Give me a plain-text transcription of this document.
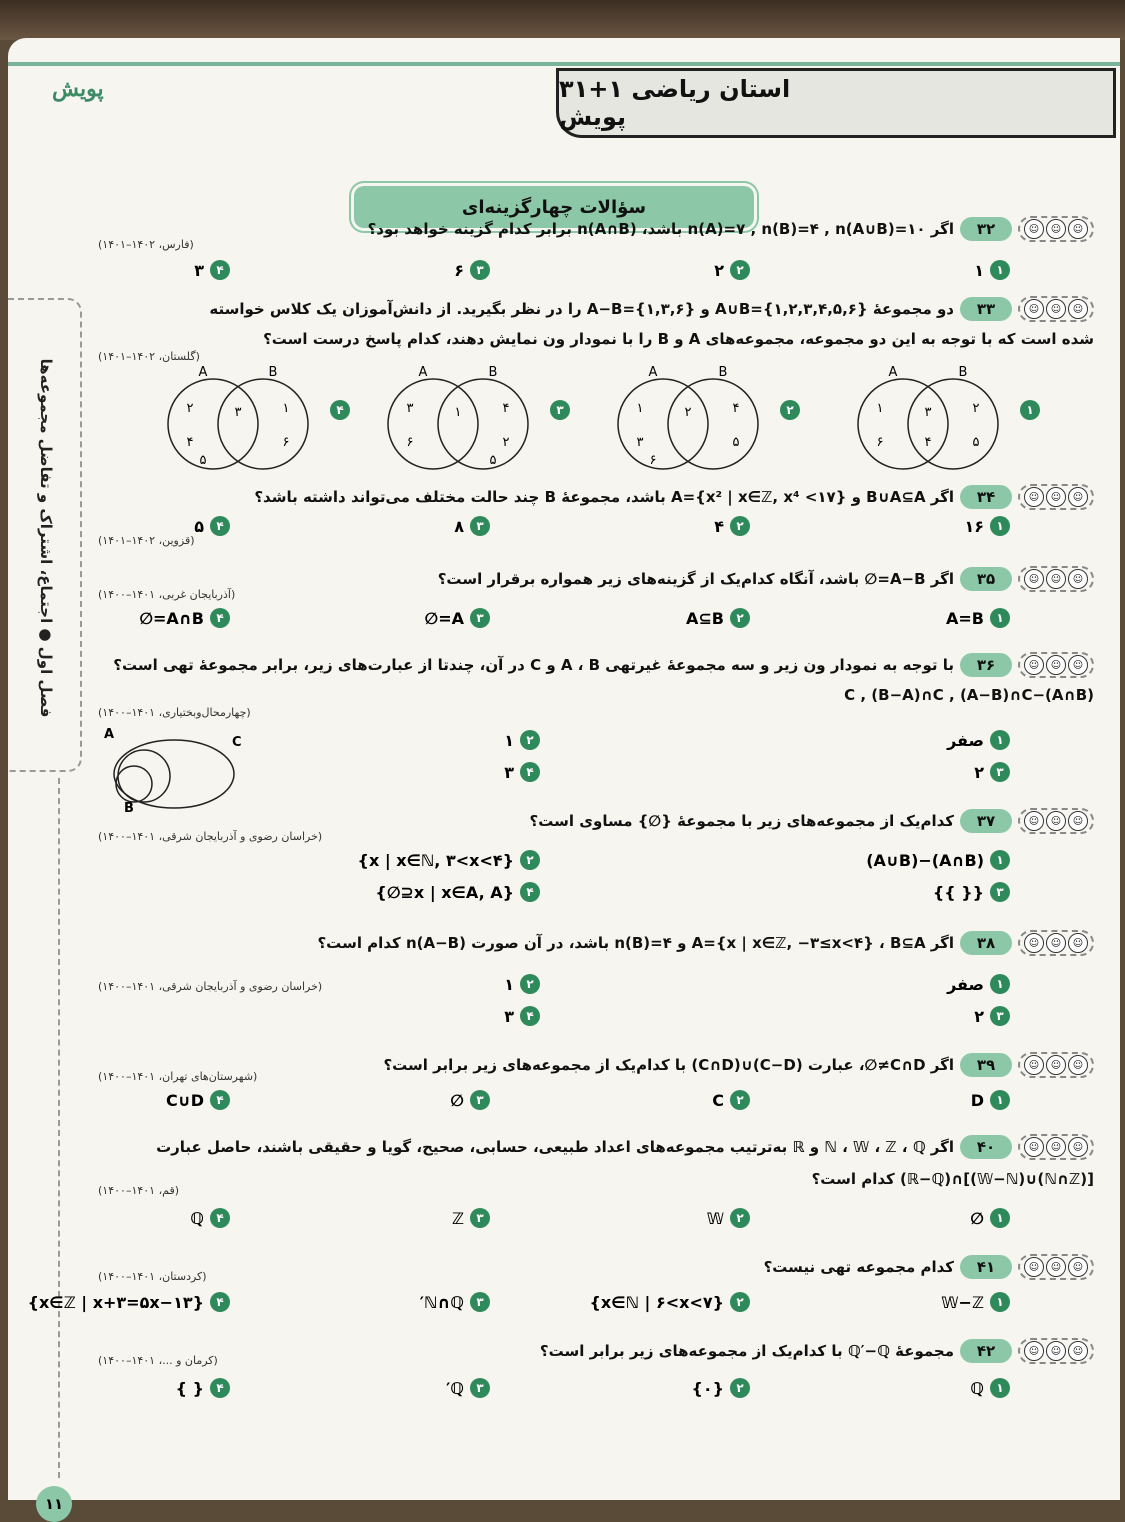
پویش	۳۱+۱ استان ریاضی پویش
سؤالات چهارگزینه‌ای
فصل اول ● اجتماع، اشتراک و تفاضل مجموعه‌ها
۱۱
☺
☺
☺
۳۲
اگر n(A)=۷ , n(B)=۴ , n(A∪B)=۱۰ باشد، n(A∩B) برابر کدام گزینه خواهد بود؟
(فارس، ۱۴۰۲–۱۴۰۱)
۱
۱
۲
۲
۳
۶
۴
۳
☺
☺
☺
۳۳
دو مجموعهٔ A∪B={۱,۲,۳,۴,۵,۶} و A−B={۱,۳,۶} را در نظر بگیرید. از دانش‌آموزان یک کلاس خواسته
شده است که با توجه به این دو مجموعه، مجموعه‌های A و B را با نمودار ون نمایش دهند، کدام پاسخ درست است؟
(گلستان، ۱۴۰۲–۱۴۰۱)
☺
☺
☺
۳۴
اگر B∪A⊆A و A={x² | x∈ℤ, x⁴ <۱۷} باشد، مجموعهٔ B چند حالت مختلف می‌تواند داشته باشد؟
(قزوین، ۱۴۰۲–۱۴۰۱)
۱
۱۶
۲
۴
۳
۸
۴
۵
☺
☺
☺
۳۵
اگر A−B=∅ باشد، آنگاه کدام‌یک از گزینه‌های زیر همواره برقرار است؟
(آذربایجان غربی، ۱۴۰۱–۱۴۰۰)
۱
A=B
۲
A⊆B
۳
A=∅
۴
A∩B=∅
☺
☺
☺
۳۶
با توجه به نمودار ون زیر و سه مجموعهٔ غیرتهی A ، B و C در آن، چندتا از عبارت‌های زیر، برابر مجموعهٔ تهی است؟
(A∩B)−C , (B−A)∩C , (A−B)∩C
(چهارمحال‌وبختیاری، ۱۴۰۱–۱۴۰۰)
۱
صفر
۲
۱
۳
۲
۴
۳
☺
☺
☺
۳۷
کدام‌یک از مجموعه‌های زیر با مجموعهٔ {∅} مساوی است؟
(خراسان رضوی و آذربایجان شرقی، ۱۴۰۱–۱۴۰۰)
۱
(A∩B)−(A∪B)
۲
{x | x∈ℕ, ۳<x<۴}
۳
{{ }}
۴
{x | x∈A, A⊆∅}
☺
☺
☺
۳۸
اگر A={x | x∈ℤ, −۳≤x<۴} ، B⊆A و n(B)=۴ باشد، در آن صورت n(A−B) کدام است؟
(خراسان رضوی و آذربایجان شرقی، ۱۴۰۱–۱۴۰۰)	۱
صفر
۲
۱
۳
۲
۴
۳
☺
☺
☺
۳۹
اگر C∩D≠∅، عبارت (C−D)∪(C∩D) با کدام‌یک از مجموعه‌های زیر برابر است؟
(شهرستان‌های تهران، ۱۴۰۱–۱۴۰۰)
۱
D
۲
C
۳
∅
۴
C∪D
☺
☺
☺
۴۰
اگر ℕ ، 𝕎 ، ℤ ، ℚ و ℝ به‌ترتیب مجموعه‌های اعداد طبیعی، حسابی، صحیح، گویا و حقیقی باشند، حاصل عبارت
[(ℕ∩ℤ)∪(𝕎−ℕ)]∩(ℝ−ℚ) کدام است؟
(قم، ۱۴۰۱–۱۴۰۰)
۱
∅
۲
𝕎
۳
ℤ
۴
ℚ
☺
☺
☺
۴۱
کدام مجموعه تهی نیست؟
(کردستان، ۱۴۰۱–۱۴۰۰)
۱
𝕎−ℤ
۲
{x∈ℕ | ۶<x<۷}
۳
ℕ∩ℚ′
۴
{x∈ℤ | x+۳=۵x−۱۳}
☺
☺
☺
۴۲
مجموعهٔ ℚ′−ℚ با کدام‌یک از مجموعه‌های زیر برابر است؟
(کرمان و ...، ۱۴۰۱–۱۴۰۰)
۱
ℚ
۲
{۰}
۳
ℚ′
۴
{ }
A	B
۱
۶
۳
۴
۲
۵
۱
A	B
۱
۳
۶
۲	۴
۵
۲
A	B
۳
۶
۱	۴
۲
۵
۳
A	B
۲
۴
۵
۳	۱
۶
۴
A
C
B
